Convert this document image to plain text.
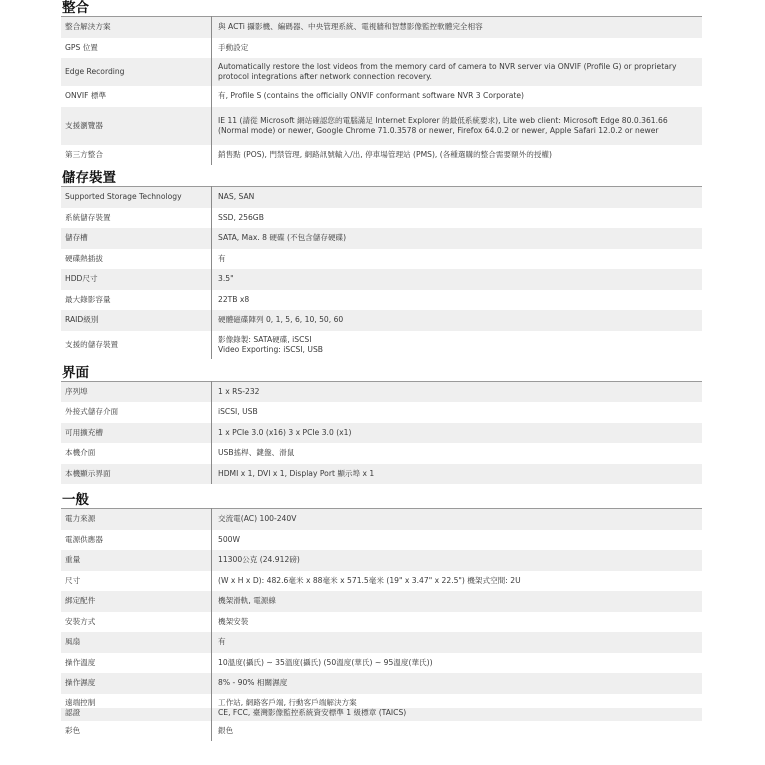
整合
整合解決方案	與 ACTi 攝影機、編碼器、中央管理系統、電視牆和智慧影像監控軟體完全相容
GPS 位置	手動設定
Edge Recording	Automatically restore the lost videos from the memory card of camera to NVR server via ONVIF (Profile G) or proprietary protocol integrations after network connection recovery.
ONVIF 標準	有, Profile S (contains the officially ONVIF conformant software NVR 3 Corporate)
支援瀏覽器	IE 11 (請從 Microsoft 網站確認您的電腦滿足 Internet Explorer 的最低系統要求), Lite web client: Microsoft Edge 80.0.361.66 (Normal mode) or newer, Google Chrome 71.0.3578 or newer, Firefox 64.0.2 or newer, Apple Safari 12.0.2 or newer
第三方整合	銷售點 (POS), 門禁管理, 網路訊號輸入/出, 停車場管理站 (PMS), (各種選購的整合需要額外的授權)
儲存裝置
Supported Storage Technology	NAS, SAN
系統儲存裝置	SSD, 256GB
儲存槽	SATA, Max. 8 硬碟 (不包含儲存硬碟)
硬碟熱插拔	有
HDD尺寸	3.5"
最大錄影容量	22TB x8
RAID級別	硬體磁碟陣列 0, 1, 5, 6, 10, 50, 60
支援的儲存裝置	影像錄製: SATA硬碟, iSCSI
Video Exporting: iSCSI, USB
界面
序列埠	1 x RS-232
外接式儲存介面	iSCSI, USB
可用擴充槽	1 x PCIe 3.0 (x16) 3 x PCIe 3.0 (x1)
本機介面	USB搖桿、鍵盤、滑鼠
本機顯示界面	HDMI x 1, DVI x 1, Display Port 顯示埠 x 1
一般
電力來源	交流電(AC) 100-240V
電源供應器	500W
重量	11300公克 (24.912磅)
尺寸	(W x H x D): 482.6毫米 x 88毫米 x 571.5毫米 (19" x 3.47" x 22.5") 機架式空間: 2U
綁定配件	機架滑軌, 電源線
安裝方式	機架安裝
風扇	有
操作溫度	10溫度(攝氏) ~ 35溫度(攝氏) (50溫度(華氏) ~ 95溫度(華氏))
操作濕度	8% - 90% 相關濕度
遠端控制	工作站, 網路客戶端, 行動客戶端解決方案
認證	CE, FCC, 臺灣影像監控系統資安標準 1 級標章 (TAICS)
彩色	銀色
